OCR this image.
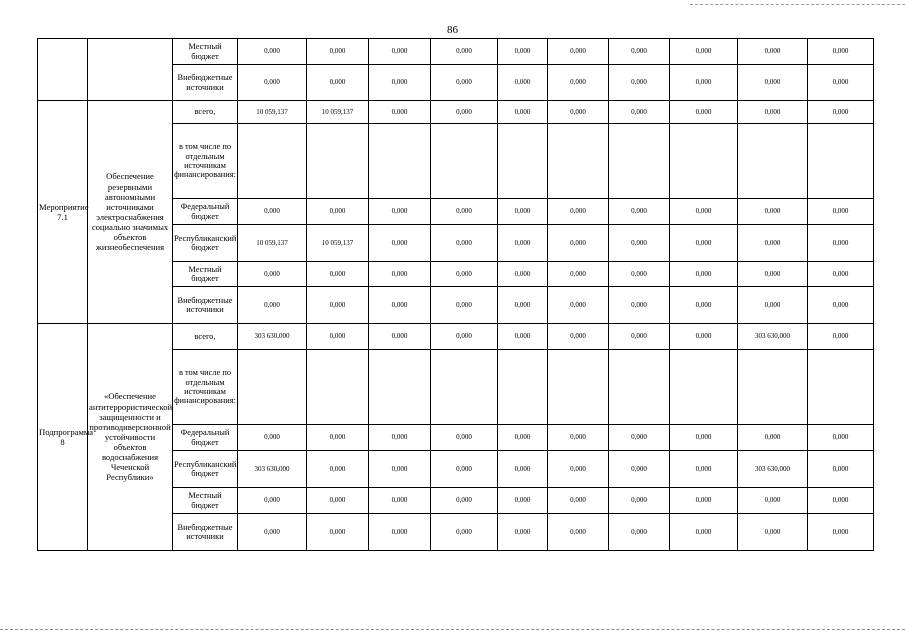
86
		Местный бюджет	0,000	0,000	0,000	0,000	0,000	0,000	0,000	0,000	0,000	0,000
		Внебюджетные источники	0,000	0,000	0,000	0,000	0,000	0,000	0,000	0,000	0,000	0,000
Мероприятие 7.1	Обеспечение резервными автономными источниками электроснабжения социально значимых объектов жизнеобеспечения	всего,	10 059,137	10 059,137	0,000	0,000	0,000	0,000	0,000	0,000	0,000	0,000
		в том числе по отдельным источникам финансирования:										
		Федеральный бюджет	0,000	0,000	0,000	0,000	0,000	0,000	0,000	0,000	0,000	0,000
		Республиканский бюджет	10 059,137	10 059,137	0,000	0,000	0,000	0,000	0,000	0,000	0,000	0,000
		Местный бюджет	0,000	0,000	0,000	0,000	0,000	0,000	0,000	0,000	0,000	0,000
		Внебюджетные источники	0,000	0,000	0,000	0,000	0,000	0,000	0,000	0,000	0,000	0,000
Подпрограмма 8	«Обеспечение антитеррористической защищенности и противодиверсионной устойчивости объектов водоснабжения Чеченской Республики»	всего,	303 630,000	0,000	0,000	0,000	0,000	0,000	0,000	0,000	303 630,000	0,000
		в том числе по отдельным источникам финансирования:										
		Федеральный бюджет	0,000	0,000	0,000	0,000	0,000	0,000	0,000	0,000	0,000	0,000
		Республиканский бюджет	303 630,000	0,000	0,000	0,000	0,000	0,000	0,000	0,000	303 630,000	0,000
		Местный бюджет	0,000	0,000	0,000	0,000	0,000	0,000	0,000	0,000	0,000	0,000
		Внебюджетные источники	0,000	0,000	0,000	0,000	0,000	0,000	0,000	0,000	0,000	0,000
